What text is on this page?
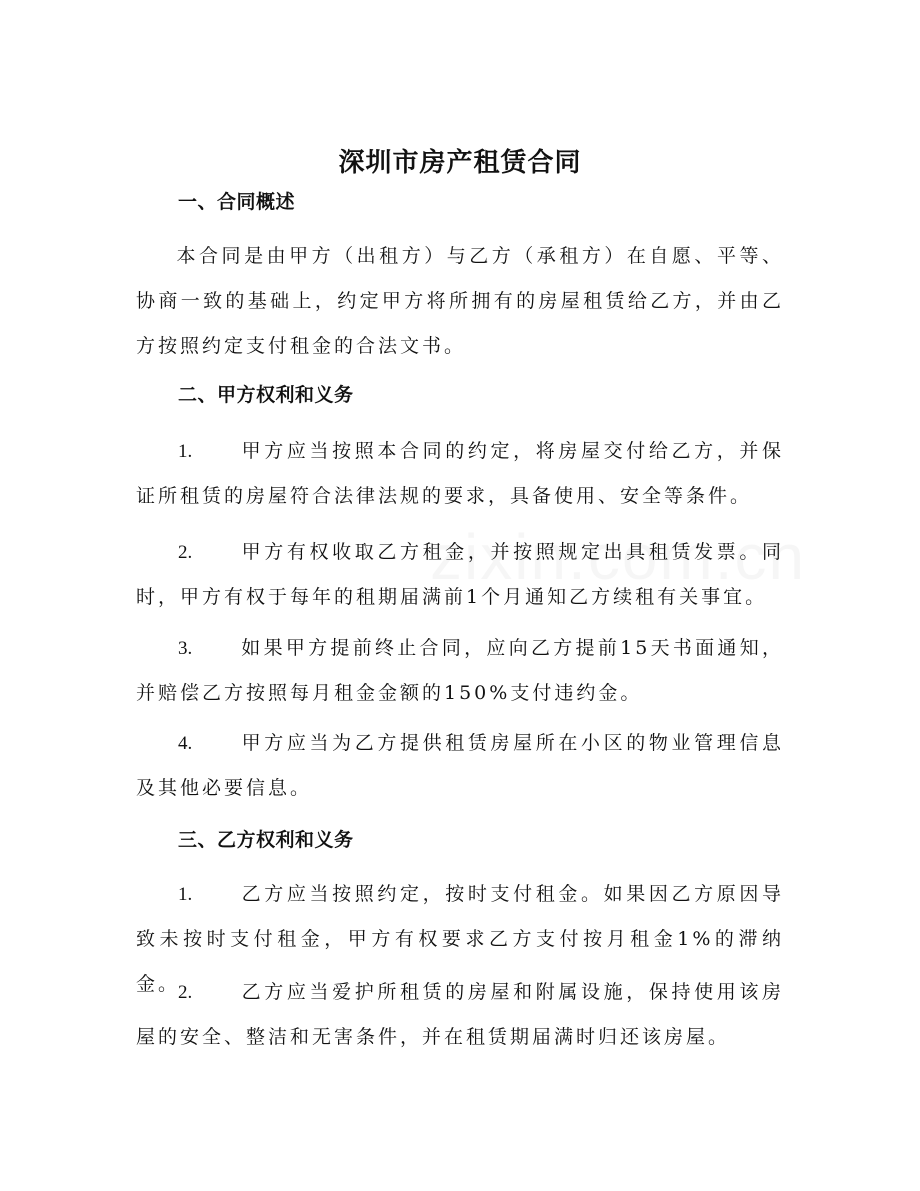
深圳市房产租赁合同
一、合同概述

本合同是由甲方（出租方）与乙方（承租方）在自愿、平等、协商一致的基础上，约定甲方将所拥有的房屋租赁给乙方，并由乙方按照约定支付租金的合法文书。

二、甲方权利和义务

1.	甲方应当按照本合同的约定，将房屋交付给乙方，并保证所租赁的房屋符合法律法规的要求，具备使用、安全等条件。

2.	甲方有权收取乙方租金，并按照规定出具租赁发票。同时，甲方有权于每年的租期届满前1个月通知乙方续租有关事宜。

3.	如果甲方提前终止合同，应向乙方提前15天书面通知，并赔偿乙方按照每月租金金额的150%支付违约金。

4.	甲方应当为乙方提供租赁房屋所在小区的物业管理信息及其他必要信息。

三、乙方权利和义务

1.	乙方应当按照约定，按时支付租金。如果因乙方原因导致未按时支付租金，甲方有权要求乙方支付按月租金1%的滞纳金。

2.	乙方应当爱护所租赁的房屋和附属设施，保持使用该房屋的安全、整洁和无害条件，并在租赁期届满时归还该房屋。
